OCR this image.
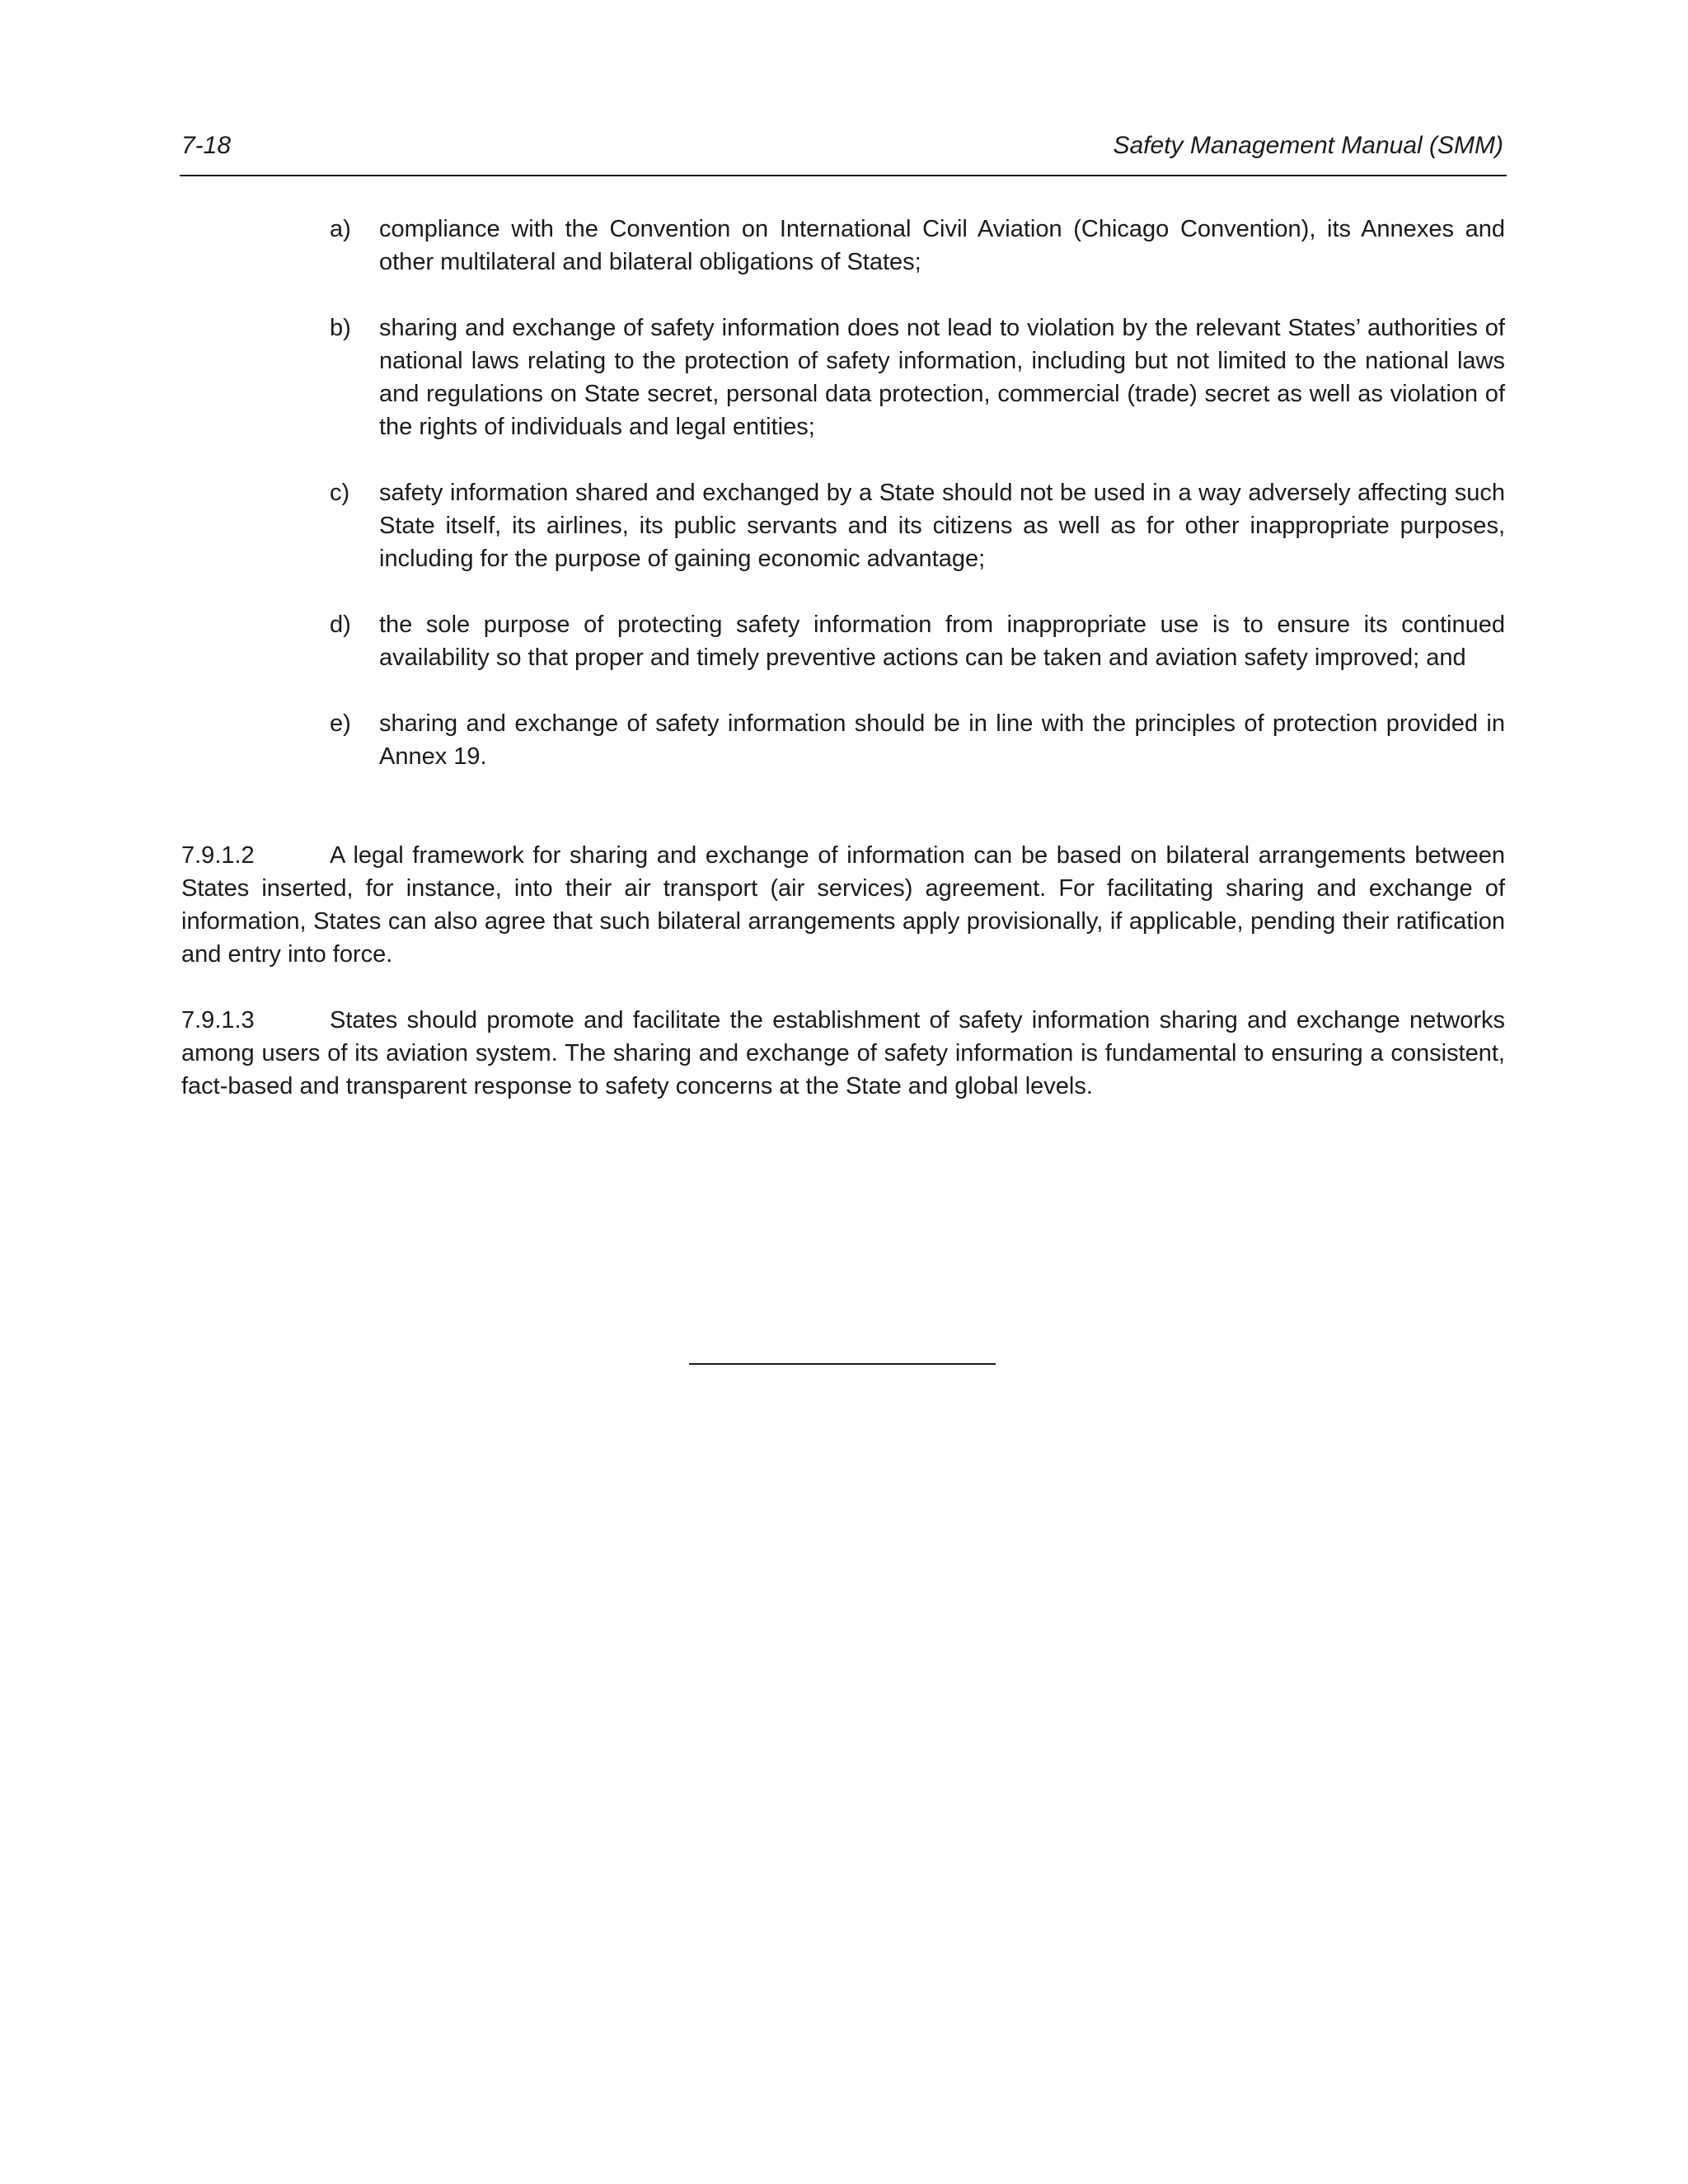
7-18	Safety Management Manual (SMM)
a) compliance with the Convention on International Civil Aviation (Chicago Convention), its Annexes and other multilateral and bilateral obligations of States;
b) sharing and exchange of safety information does not lead to violation by the relevant States’ authorities of national laws relating to the protection of safety information, including but not limited to the national laws and regulations on State secret, personal data protection, commercial (trade) secret as well as violation of the rights of individuals and legal entities;
c) safety information shared and exchanged by a State should not be used in a way adversely affecting such State itself, its airlines, its public servants and its citizens as well as for other inappropriate purposes, including for the purpose of gaining economic advantage;
d) the sole purpose of protecting safety information from inappropriate use is to ensure its continued availability so that proper and timely preventive actions can be taken and aviation safety improved; and
e) sharing and exchange of safety information should be in line with the principles of protection provided in Annex 19.

7.9.1.2	A legal framework for sharing and exchange of information can be based on bilateral arrangements between States inserted, for instance, into their air transport (air services) agreement. For facilitating sharing and exchange of information, States can also agree that such bilateral arrangements apply provisionally, if applicable, pending their ratification and entry into force.

7.9.1.3	States should promote and facilitate the establishment of safety information sharing and exchange networks among users of its aviation system. The sharing and exchange of safety information is fundamental to ensuring a consistent, fact-based and transparent response to safety concerns at the State and global levels.
